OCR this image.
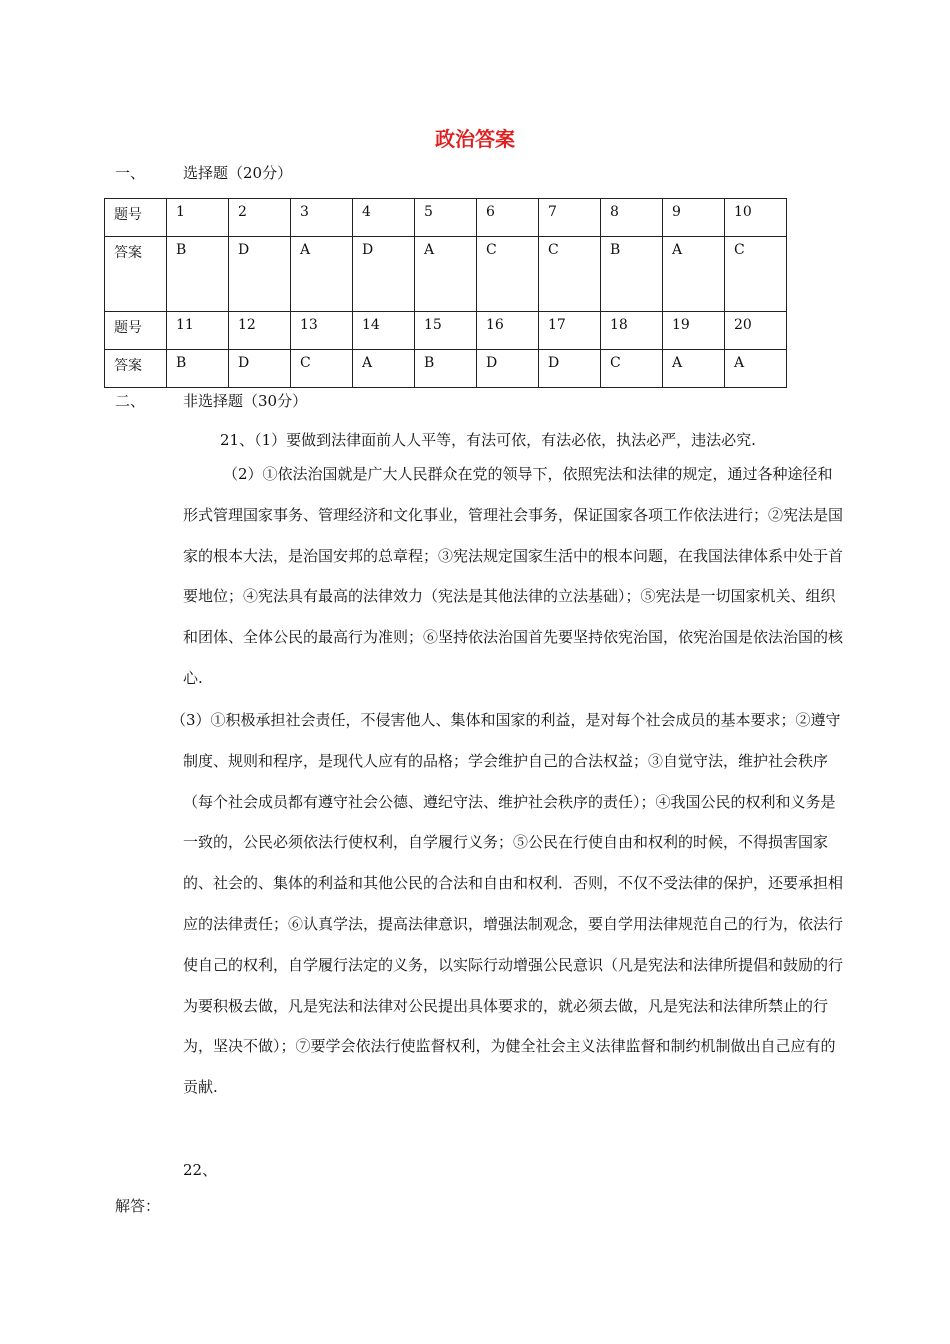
政治答案
一、	选择题（20分）
题号	1	2	3	4	5	6	7	8	9	10
答案	B	D	A	D	A	C	C	B	A	C
题号	11	12	13	14	15	16	17	18	19	20
答案	B	D	C	A	B	D	D	C	A	A
二、	非选择题（30分）
21、（1）要做到法律面前人人平等，有法可依，有法必依，执法必严，违法必究.
（2）①依法治国就是广大人民群众在党的领导下，依照宪法和法律的规定，通过各种途径和形式管理国家事务、管理经济和文化事业，管理社会事务，保证国家各项工作依法进行；②宪法是国家的根本大法，是治国安邦的总章程；③宪法规定国家生活中的根本问题，在我国法律体系中处于首要地位；④宪法具有最高的法律效力（宪法是其他法律的立法基础）；⑤宪法是一切国家机关、组织和团体、全体公民的最高行为准则；⑥坚持依法治国首先要坚持依宪治国，依宪治国是依法治国的核心.
（3）①积极承担社会责任，不侵害他人、集体和国家的利益，是对每个社会成员的基本要求；②遵守制度、规则和程序，是现代人应有的品格；学会维护自己的合法权益；③自觉守法，维护社会秩序（每个社会成员都有遵守社会公德、遵纪守法、维护社会秩序的责任）；④我国公民的权利和义务是一致的，公民必须依法行使权利，自学履行义务；⑤公民在行使自由和权利的时候，不得损害国家的、社会的、集体的利益和其他公民的合法和自由和权利．否则，不仅不受法律的保护，还要承担相应的法律责任；⑥认真学法，提高法律意识，增强法制观念，要自学用法律规范自己的行为，依法行使自己的权利，自学履行法定的义务，以实际行动增强公民意识（凡是宪法和法律所提倡和鼓励的行为要积极去做，凡是宪法和法律对公民提出具体要求的，就必须去做，凡是宪法和法律所禁止的行为，坚决不做）；⑦要学会依法行使监督权利，为健全社会主义法律监督和制约机制做出自己应有的贡献.
22、
解答：
